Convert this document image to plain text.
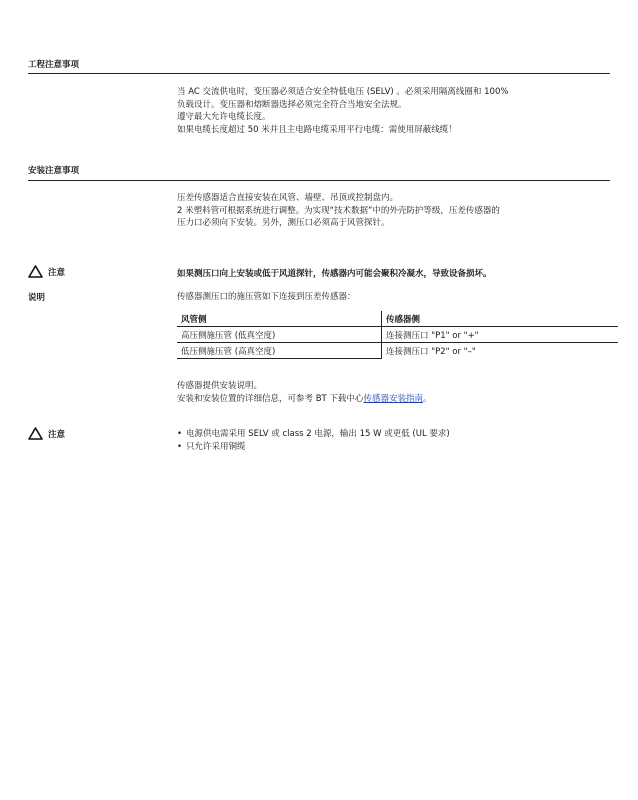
工程注意事项
当 AC 交流供电时，变压器必须适合安全特低电压 (SELV) 。必须采用隔离线圈和 100%
负载设计。变压器和熔断器选择必须完全符合当地安全法规。
遵守最大允许电缆长度。
如果电缆长度超过 50 米并且主电路电缆采用平行电缆：需使用屏蔽线缆！
安装注意事项
压差传感器适合直接安装在风管、墙壁、吊顶或控制盘内。
2 米塑料管可根据系统进行调整。为实现“技术数据”中的外壳防护等级，压差传感器的
压力口必须向下安装。另外，测压口必须高于风管探针。
注意	如果测压口向上安装或低于风道探针，传感器内可能会聚积冷凝水，导致设备损坏。
说明	传感器测压口的施压管如下连接到压差传感器：
风管侧	传感器侧
高压侧施压管 (低真空度)	连接测压口 "P1" or "+"
低压侧施压管 (高真空度)	连接测压口 "P2" or "–"
传感器提供安装说明。
安装和安装位置的详细信息，可参考 BT 下载中心传感器安装指南。
注意	• 电源供电需采用 SELV 或 class 2 电源，输出 15 W 或更低 (UL 要求)
• 只允许采用铜缆
